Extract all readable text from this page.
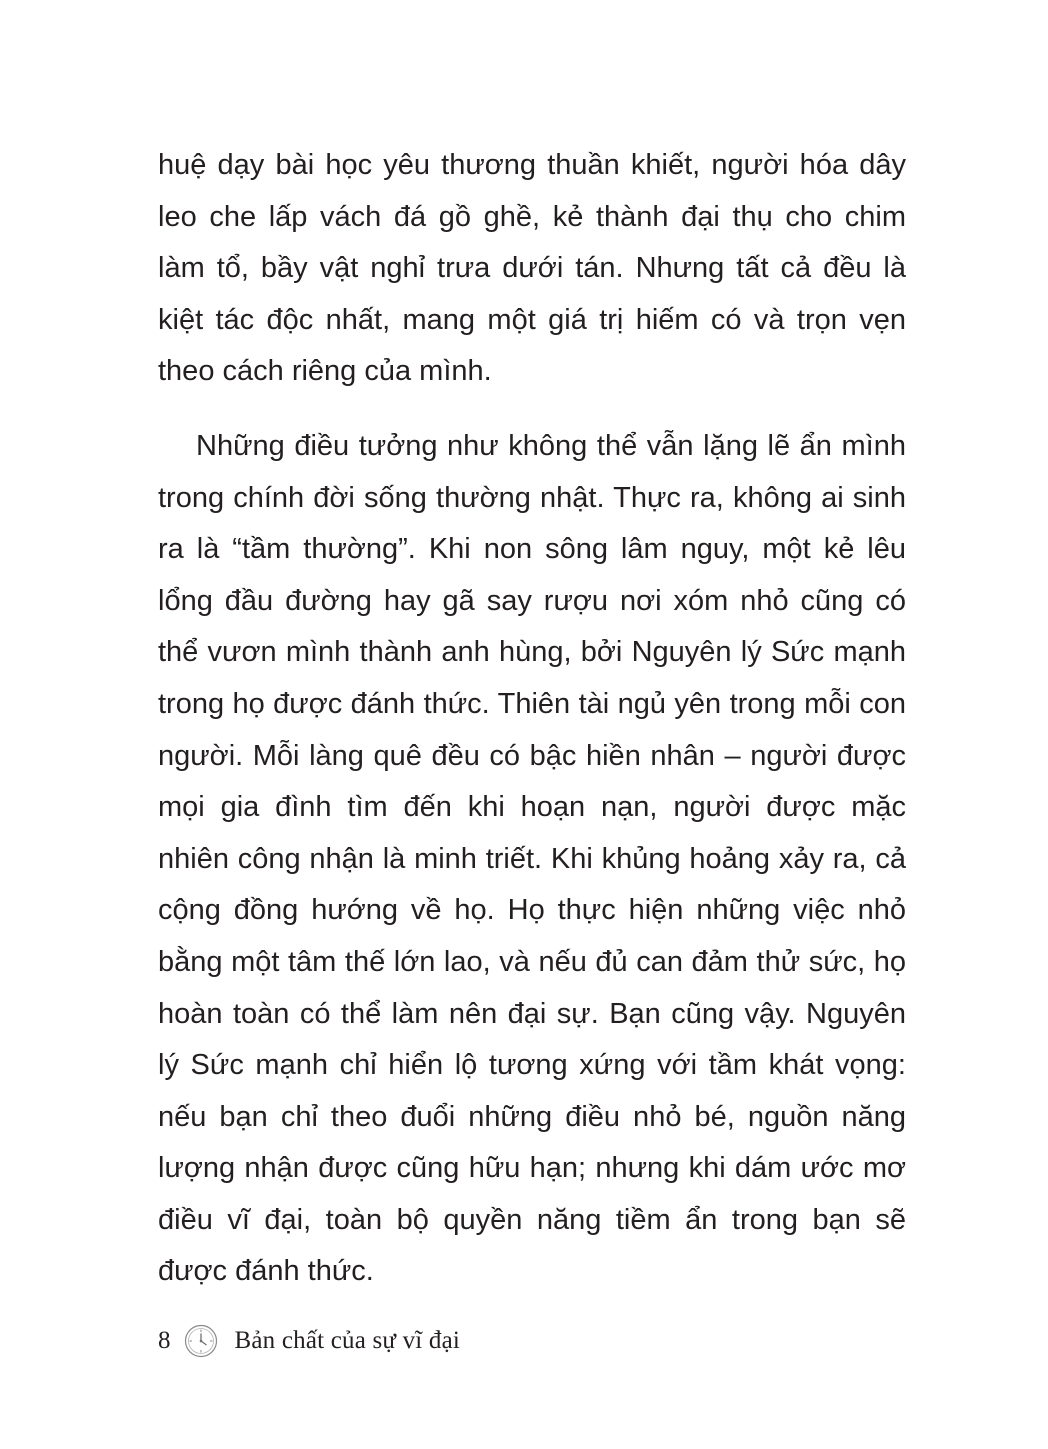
huệ dạy bài học yêu thương thuần khiết, người hóa dây leo che lấp vách đá gồ ghề, kẻ thành đại thụ cho chim làm tổ, bầy vật nghỉ trưa dưới tán. Nhưng tất cả đều là kiệt tác độc nhất, mang một giá trị hiếm có và trọn vẹn theo cách riêng của mình.

Những điều tưởng như không thể vẫn lặng lẽ ẩn mình trong chính đời sống thường nhật. Thực ra, không ai sinh ra là “tầm thường”. Khi non sông lâm nguy, một kẻ lêu lổng đầu đường hay gã say rượu nơi xóm nhỏ cũng có thể vươn mình thành anh hùng, bởi Nguyên lý Sức mạnh trong họ được đánh thức. Thiên tài ngủ yên trong mỗi con người. Mỗi làng quê đều có bậc hiền nhân – người được mọi gia đình tìm đến khi hoạn nạn, người được mặc nhiên công nhận là minh triết. Khi khủng hoảng xảy ra, cả cộng đồng hướng về họ. Họ thực hiện những việc nhỏ bằng một tâm thế lớn lao, và nếu đủ can đảm thử sức, họ hoàn toàn có thể làm nên đại sự. Bạn cũng vậy. Nguyên lý Sức mạnh chỉ hiển lộ tương xứng với tầm khát vọng: nếu bạn chỉ theo đuổi những điều nhỏ bé, nguồn năng lượng nhận được cũng hữu hạn; nhưng khi dám ước mơ điều vĩ đại, toàn bộ quyền năng tiềm ẩn trong bạn sẽ được đánh thức.

8	Bản chất của sự vĩ đại
